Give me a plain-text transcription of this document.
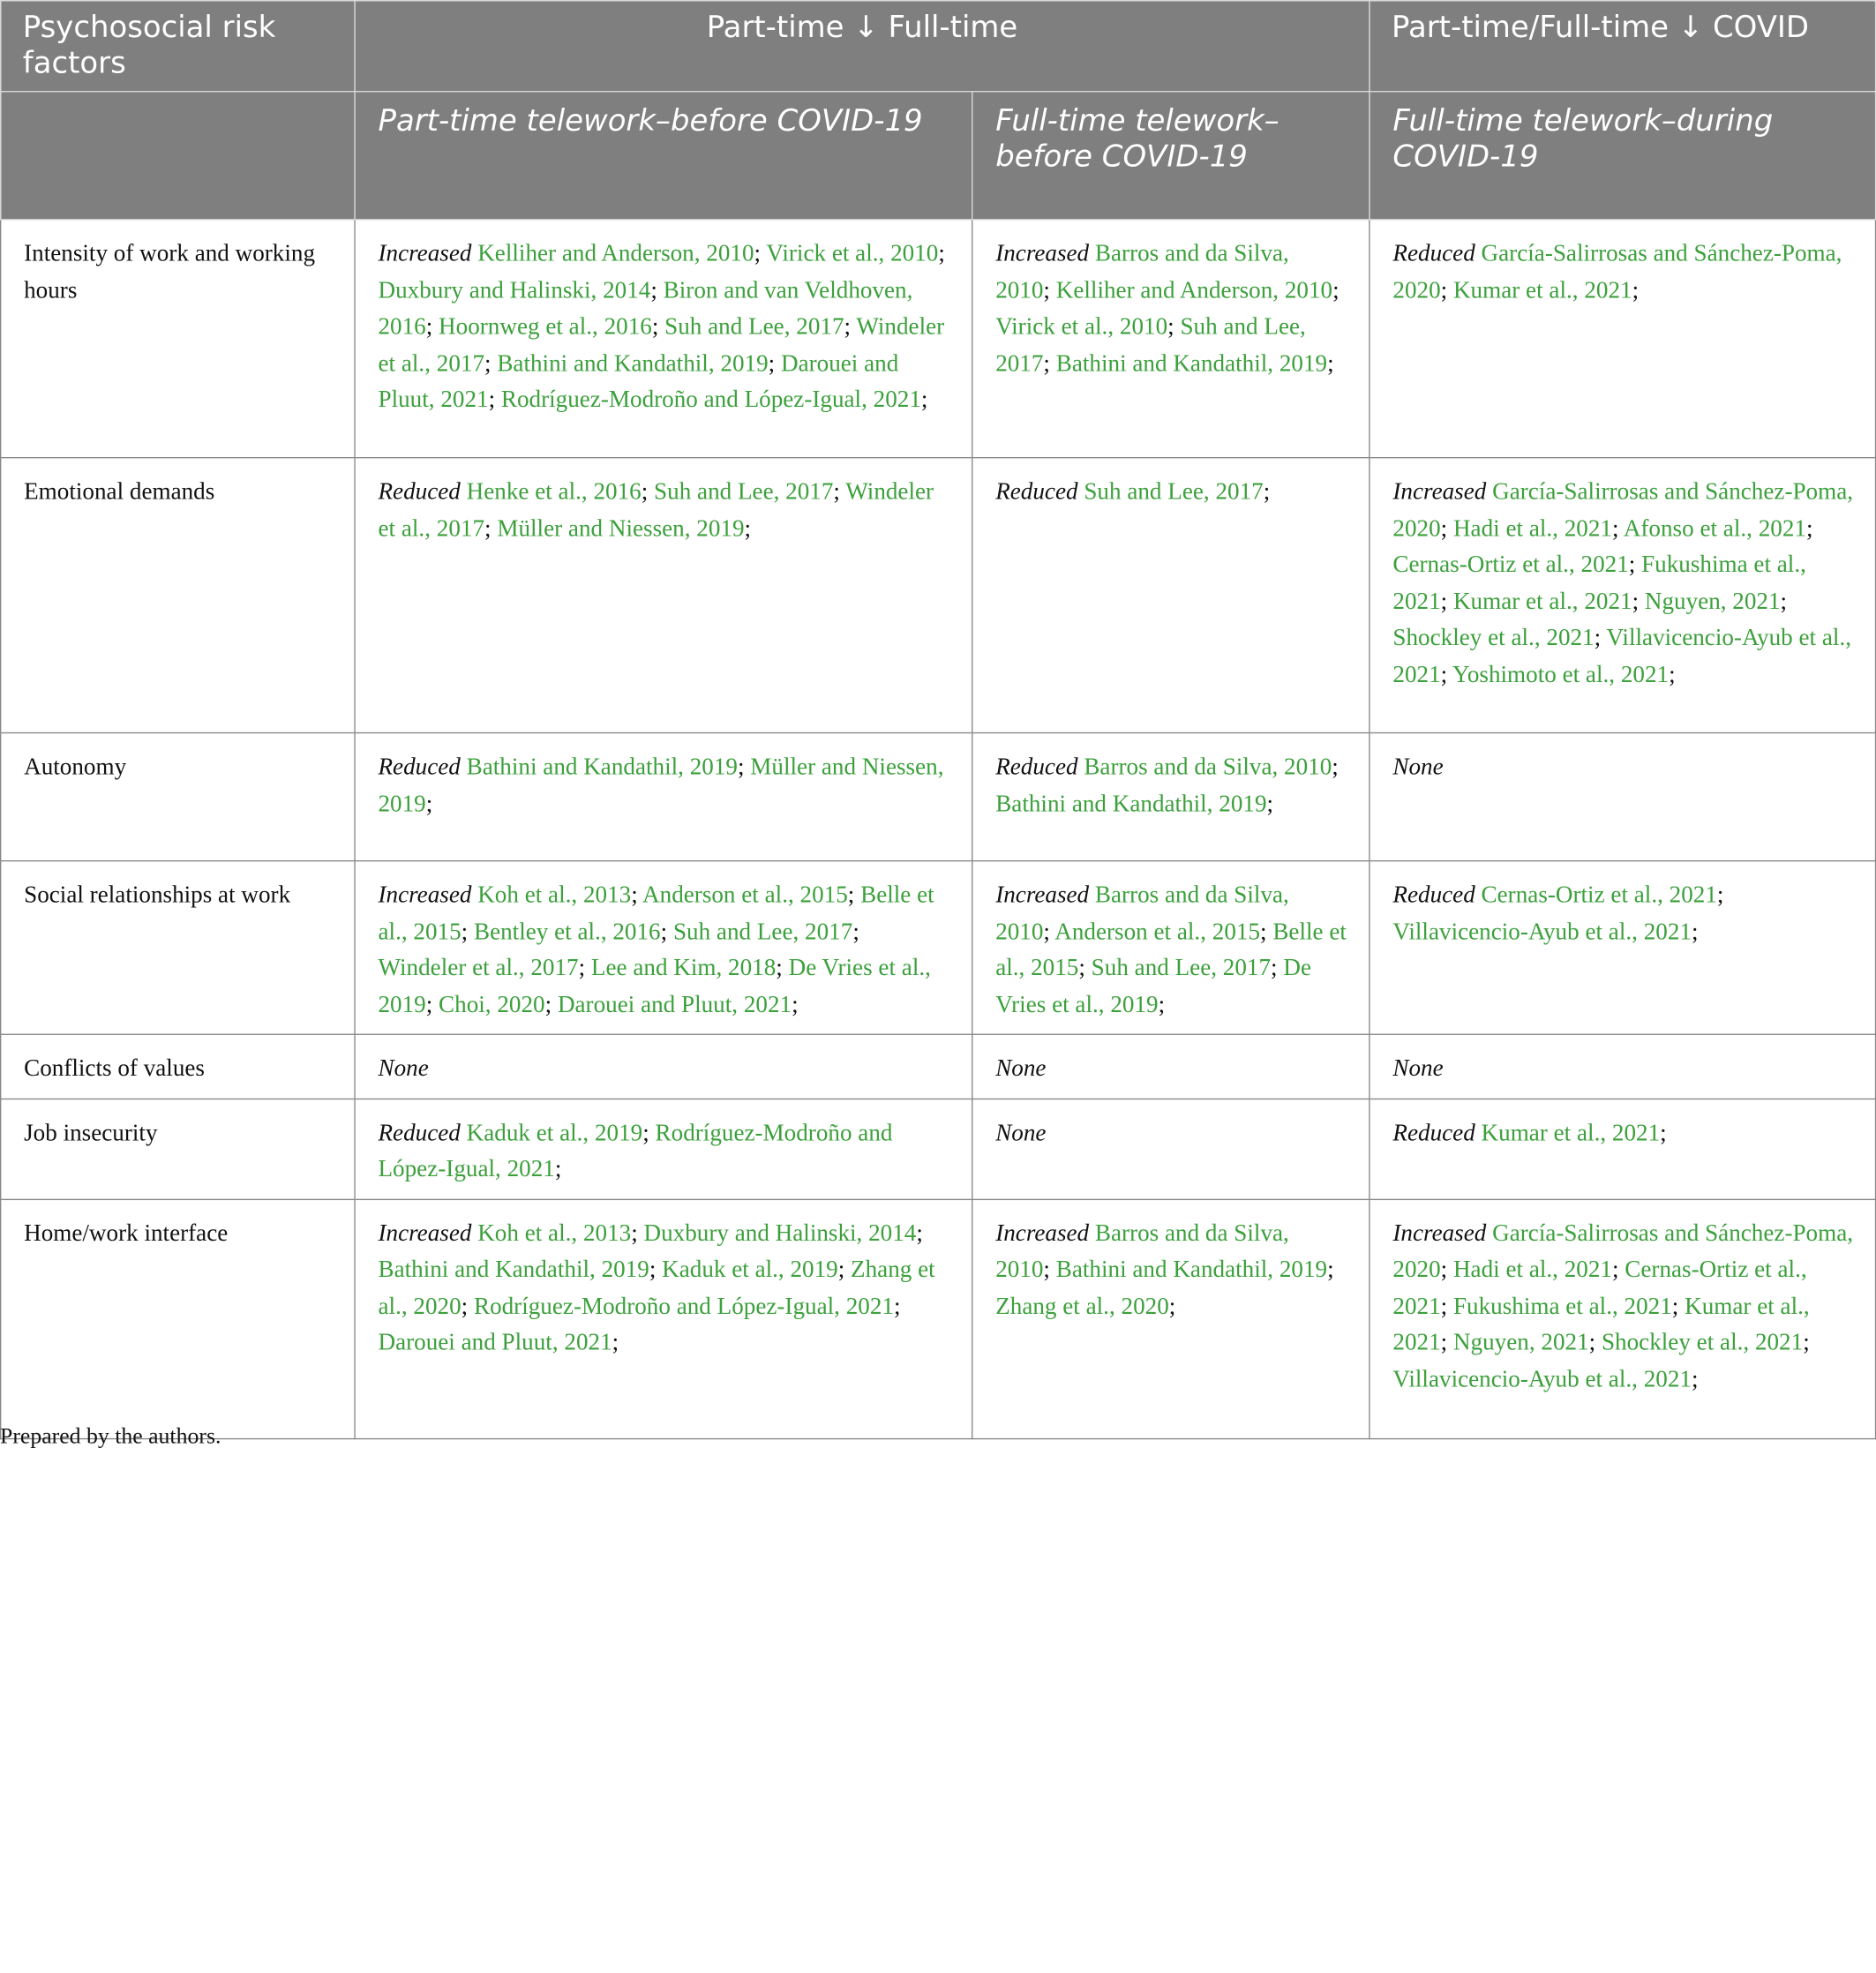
Psychosocial risk factors	Part-time ↓ Full-time		Part-time/Full-time ↓ COVID
	Part-time telework–before COVID-19	Full-time telework–before COVID-19	Full-time telework–during COVID-19
Intensity of work and working hours	Increased Kelliher and Anderson, 2010; Virick et al., 2010; Duxbury and Halinski, 2014; Biron and van Veldhoven, 2016; Hoornweg et al., 2016; Suh and Lee, 2017; Windeler et al., 2017; Bathini and Kandathil, 2019; Darouei and Pluut, 2021; Rodríguez-Modroño and López-Igual, 2021;	Increased Barros and da Silva, 2010; Kelliher and Anderson, 2010; Virick et al., 2010; Suh and Lee, 2017; Bathini and Kandathil, 2019;	Reduced García-Salirrosas and Sánchez-Poma, 2020; Kumar et al., 2021;
Emotional demands	Reduced Henke et al., 2016; Suh and Lee, 2017; Windeler et al., 2017; Müller and Niessen, 2019;	Reduced Suh and Lee, 2017;	Increased García-Salirrosas and Sánchez-Poma, 2020; Hadi et al., 2021; Afonso et al., 2021; Cernas-Ortiz et al., 2021; Fukushima et al., 2021; Kumar et al., 2021; Nguyen, 2021; Shockley et al., 2021; Villavicencio-Ayub et al., 2021; Yoshimoto et al., 2021;
Autonomy	Reduced Bathini and Kandathil, 2019; Müller and Niessen, 2019;	Reduced Barros and da Silva, 2010; Bathini and Kandathil, 2019;	None
Social relationships at work	Increased Koh et al., 2013; Anderson et al., 2015; Belle et al., 2015; Bentley et al., 2016; Suh and Lee, 2017; Windeler et al., 2017; Lee and Kim, 2018; De Vries et al., 2019; Choi, 2020; Darouei and Pluut, 2021;	Increased Barros and da Silva, 2010; Anderson et al., 2015; Belle et al., 2015; Suh and Lee, 2017; De Vries et al., 2019;	Reduced Cernas-Ortiz et al., 2021; Villavicencio-Ayub et al., 2021;
Conflicts of values	None	None	None
Job insecurity	Reduced Kaduk et al., 2019; Rodríguez-Modroño and López-Igual, 2021;	None	Reduced Kumar et al., 2021;
Home/work interface	Increased Koh et al., 2013; Duxbury and Halinski, 2014; Bathini and Kandathil, 2019; Kaduk et al., 2019; Zhang et al., 2020; Rodríguez-Modroño and López-Igual, 2021; Darouei and Pluut, 2021;	Increased Barros and da Silva, 2010; Bathini and Kandathil, 2019; Zhang et al., 2020;	Increased García-Salirrosas and Sánchez-Poma, 2020; Hadi et al., 2021; Cernas-Ortiz et al., 2021; Fukushima et al., 2021; Kumar et al., 2021; Nguyen, 2021; Shockley et al., 2021; Villavicencio-Ayub et al., 2021;
Prepared by the authors.
